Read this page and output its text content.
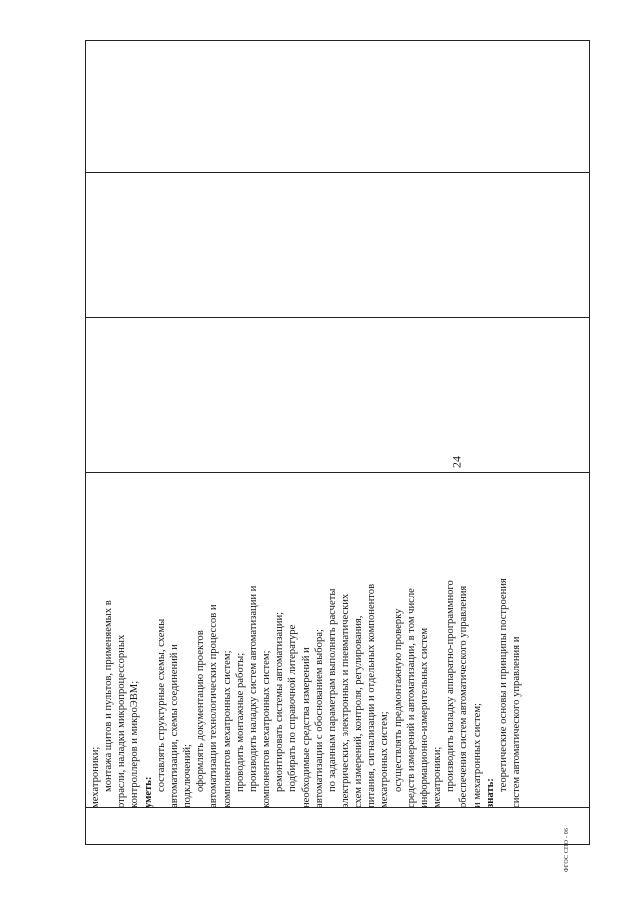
24
мехатроники; монтажа щитов и пультов, применяемых в отрасли, наладки микропроцессорных контроллеров и микроЭВМ; уметь:
составлять структурные схемы, схемы автоматизации, схемы соединений и подключений; оформлять документацию проектов автоматизации технологических процессов и компонентов мехатронных систем; проводить монтажные работы; производить наладку систем автоматизации и компонентов мехатронных систем; ремонтировать системы автоматизации; подбирать по справочной литературе необходимые средства измерений и автоматизации с обоснованием выбора; по заданным параметрам выполнять расчеты электрических, электронных и пневматических схем измерений, контроля, регулирования, питания, сигнализации и отдельных компонентов мехатронных систем; осуществлять предмонтажную проверку средств измерений и автоматизации, в том числе информационно-измерительных систем мехатроники; производить наладку аппаратно-программного обеспечения систем автоматического управления и мехатронных систем; знать:
теоретические основы и принципы построения систем автоматического управления и
ФГОС СПО - 06
